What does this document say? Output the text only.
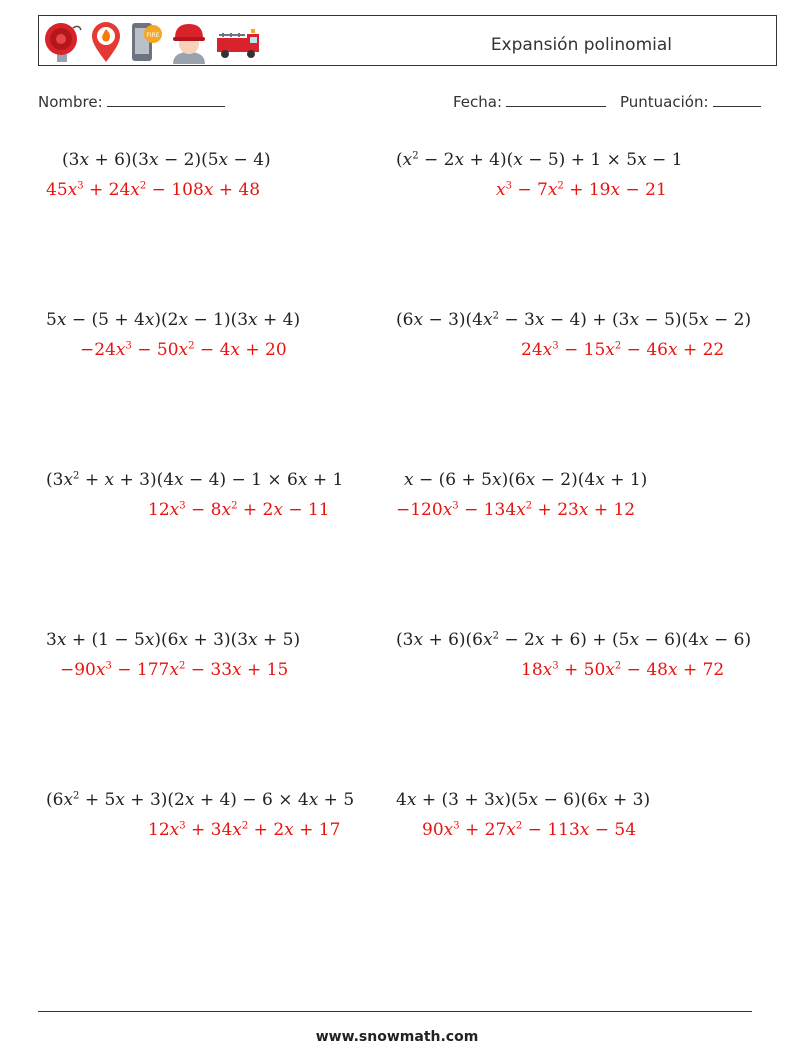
FIRE	Expansión polinomial
Nombre:	Fecha:	Puntuación:
(3x + 6)(3x − 2)(5x − 4)
$45x^3 + 24x^2 - 108x + 48$
$(x^2 - 2x + 4)(x - 5) + 1 \times 5x - 1$
$x^3 - 7x^2 + 19x - 21$
5x − (5 + 4x)(2x − 1)(3x + 4)
$-24x^3 - 50x^2 - 4x + 20$
$(6x - 3)(4x^2 - 3x - 4) + (3x - 5)(5x - 2)$
$24x^3 - 15x^2 - 46x + 22$
$(3x^2 + x + 3)(4x - 4) - 1 \times 6x + 1$
$12x^3 - 8x^2 + 2x - 11$
x − (6 + 5x)(6x − 2)(4x + 1)
$-120x^3 - 134x^2 + 23x + 12$
3x + (1 − 5x)(6x + 3)(3x + 5)
$-90x^3 - 177x^2 - 33x + 15$
$(3x + 6)(6x^2 - 2x + 6) + (5x - 6)(4x - 6)$
$18x^3 + 50x^2 - 48x + 72$
$(6x^2 + 5x + 3)(2x + 4) - 6 \times 4x + 5$
$12x^3 + 34x^2 + 2x + 17$
4x + (3 + 3x)(5x − 6)(6x + 3)
$90x^3 + 27x^2 - 113x - 54$
www.snowmath.com
